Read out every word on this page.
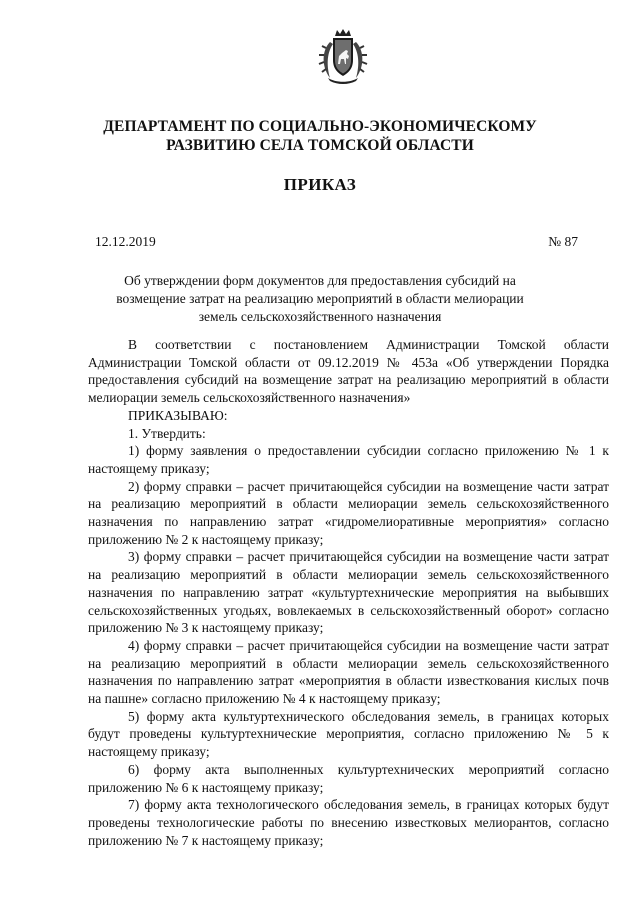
ДЕПАРТАМЕНТ ПО СОЦИАЛЬНО-ЭКОНОМИЧЕСКОМУ
РАЗВИТИЮ СЕЛА ТОМСКОЙ ОБЛАСТИ
ПРИКАЗ
12.12.2019	№ 87
Об утверждении форм документов для предоставления субсидий на возмещение затрат на реализацию мероприятий в области мелиорации земель сельскохозяйственного назначения

В соответствии с постановлением Администрации Томской области Администрации Томской области от 09.12.2019 № 453а «Об утверждении Порядка предоставления субсидий на возмещение затрат на реализацию мероприятий в области мелиорации земель сельскохозяйственного назначения»

ПРИКАЗЫВАЮ:

1. Утвердить:

1) форму заявления о предоставлении субсидии согласно приложению № 1 к настоящему приказу;

2) форму справки – расчет причитающейся субсидии на возмещение части затрат на реализацию мероприятий в области мелиорации земель сельскохозяйственного назначения по направлению затрат «гидромелиоративные мероприятия» согласно приложению № 2 к настоящему приказу;

3) форму справки – расчет причитающейся субсидии на возмещение части затрат на реализацию мероприятий в области мелиорации земель сельскохозяйственного назначения по направлению затрат «культуртехнические мероприятия на выбывших сельскохозяйственных угодьях, вовлекаемых в сельскохозяйственный оборот» согласно приложению № 3 к настоящему приказу;

4) форму справки – расчет причитающейся субсидии на возмещение части затрат на реализацию мероприятий в области мелиорации земель сельскохозяйственного назначения по направлению затрат «мероприятия в области известкования кислых почв на пашне» согласно приложению № 4 к настоящему приказу;

5) форму акта культуртехнического обследования земель, в границах которых будут проведены культуртехнические мероприятия, согласно приложению № 5 к настоящему приказу;

6) форму акта выполненных культуртехнических мероприятий согласно приложению № 6 к настоящему приказу;

7) форму акта технологического обследования земель, в границах которых будут проведены технологические работы по внесению известковых мелиорантов, согласно приложению № 7 к настоящему приказу;
